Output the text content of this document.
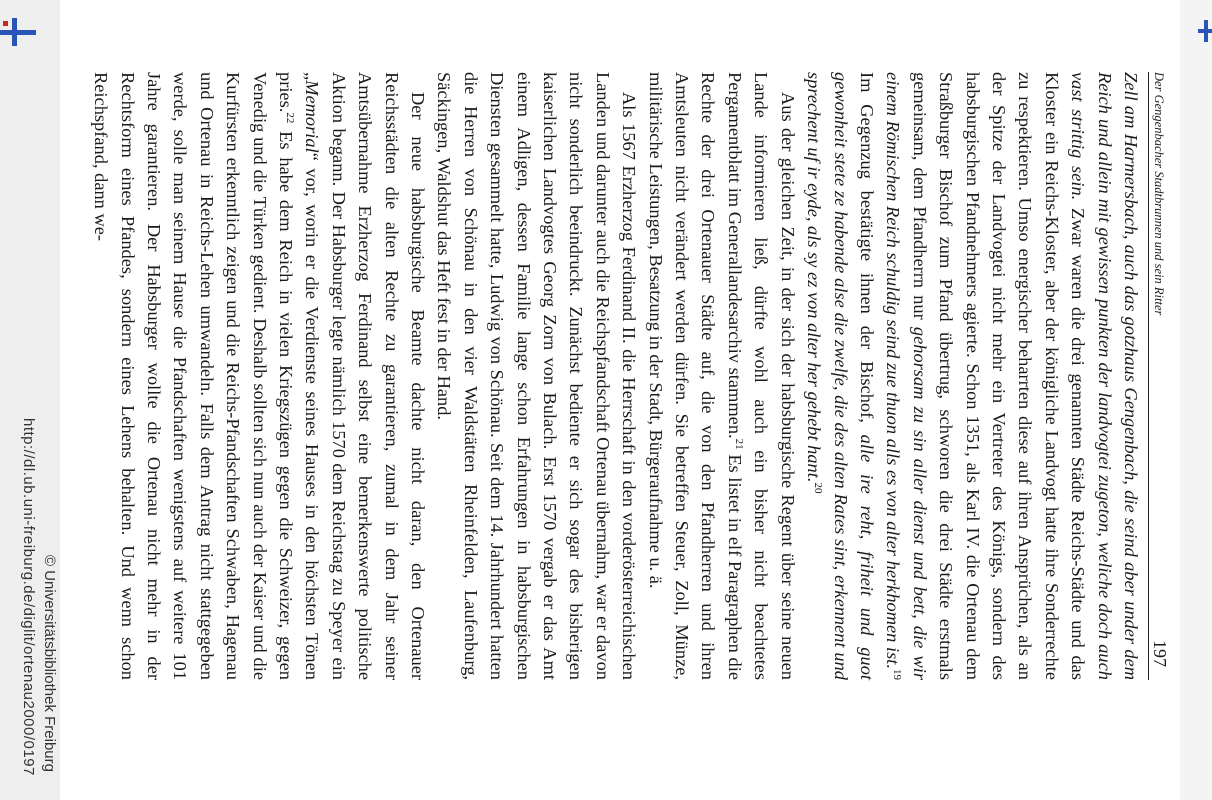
http://dl.ub.uni-freiburg.de/diglit/ortenau2000/0197 © Universitätsbibliothek Freiburg
Der Gengenbacher Stadtbrunnen und sein Ritter
197

Zell am Harmersbach, auch das gotzhaus Gengenbach, die seind aber under dem Reich und allein mit gewissen punkten der landvogtei zugeton, weliche doch auch vast strittig sein. Zwar waren die drei genannten Städte Reichs-Städte und das Kloster ein Reichs-Kloster, aber der königliche Landvogt hatte ihre Sonderrechte zu respektieren. Umso energischer beharrten diese auf ihren Ansprüchen, als an der Spitze der Landvogtei nicht mehr ein Vertreter des Königs, sondern des habsburgischen Pfandnehmers agierte. Schon 1351, als Karl IV. die Ortenau dem Straßburger Bischof zum Pfand übertrug, schworen die drei Städte erstmals gemeinsam, dem Pfandherrn nur gehorsam zu sin aller dienst und bett, die wir einem Römischen Reich schuldig seind zue thuon alls es von alter herkhomen ist.$^{19}$ Im Gegenzug bestätigte ihnen der Bischof, alle ire reht, friheit und guot gewonheit stete ze habende alse die zwelfe, die des alten Rates sint, erkennent und sprechent uf ir eyde, als sy ez von alter her gehebt hant.$^{20}$

Aus der gleichen Zeit, in der sich der habsburgische Regent über seine neuen Lande informieren ließ, dürfte wohl auch ein bisher nicht beachtetes Pergamentblatt im Generallandesarchiv stammen.$^{21}$ Es listet in elf Paragraphen die Rechte der drei Ortenauer Städte auf, die von den Pfandherren und ihren Amtsleuten nicht verändert werden dürfen. Sie betreffen Steuer, Zoll, Münze, militärische Leistungen, Besatzung in der Stadt, Bürgeraufnahme u. ä.

Als 1567 Erzherzog Ferdinand II. die Herrschaft in den vorderösterreichischen Landen und darunter auch die Reichspfandschaft Ortenau übernahm, war er davon nicht sonderlich beeindruckt. Zunächst bediente er sich sogar des bisherigen kaiserlichen Landvogtes Georg Zorn von Bulach. Erst 1570 vergab er das Amt einem Adligen, dessen Familie lange schon Erfahrungen in habsburgischen Diensten gesammelt hatte, Ludwig von Schönau. Seit dem 14. Jahrhundert hatten die Herren von Schönau in den vier Waldstätten Rheinfelden, Laufenburg, Säckingen, Waldshut das Heft fest in der Hand.

Der neue habsburgische Beamte dachte nicht daran, den Ortenauer Reichsstädten die alten Rechte zu garantieren, zumal in dem Jahr seiner Amtsübernahme Erzherzog Ferdinand selbst eine bemerkenswerte politische Aktion begann. Der Habsburger legte nämlich 1570 dem Reichstag zu Speyer ein „Memorial“ vor, worin er die Verdienste seines Hauses in den höchsten Tönen pries.$^{22}$ Es habe dem Reich in vielen Kriegszügen gegen die Schweizer, gegen Venedig und die Türken gedient. Deshalb sollten sich nun auch der Kaiser und die Kurfürsten erkenntlich zeigen und die Reichs-Pfandschaften Schwaben, Hagenau und Ortenau in Reichs-Lehen umwandeln. Falls dem Antrag nicht stattgegeben werde, solle man seinem Hause die Pfandschaften wenigstens auf weitere 101 Jahre garantieren. Der Habsburger wollte die Ortenau nicht mehr in der Rechtsform eines Pfandes, sondern eines Lehens behalten. Und wenn schon Reichspfand, dann we-
